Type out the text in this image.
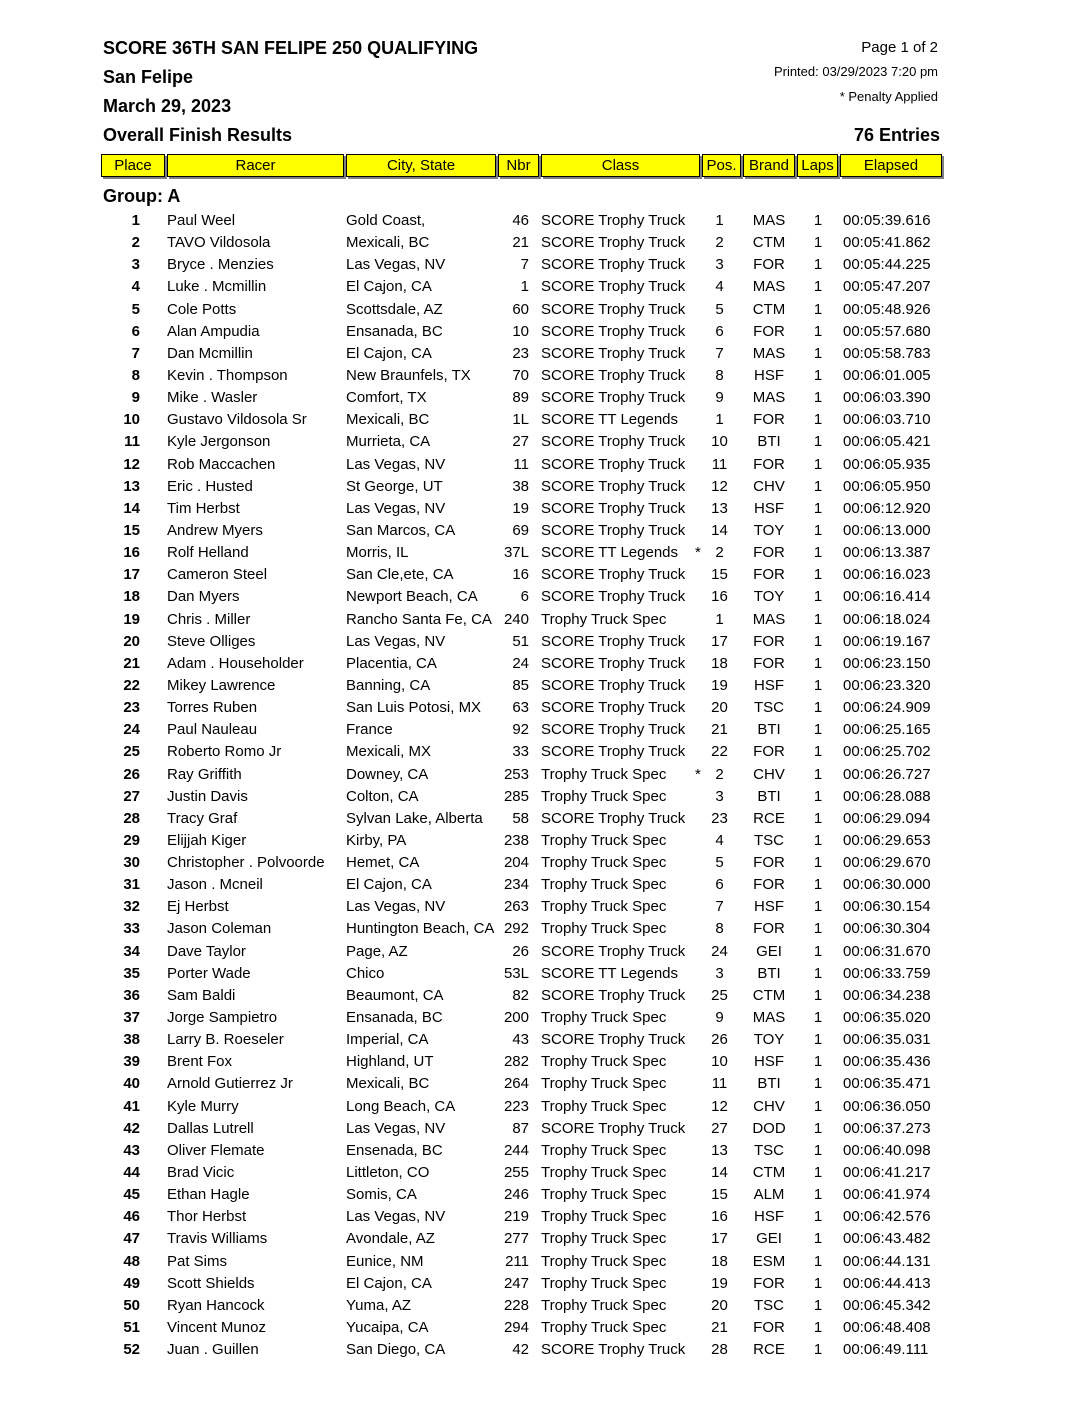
SCORE 36TH SAN FELIPE 250 QUALIFYING
San Felipe
March 29, 2023
Overall Finish Results
Page 1 of 2
Printed: 03/29/2023 7:20 pm
* Penalty Applied
76 Entries
Place	Racer	City, State	Nbr	Class	Pos. Brand Laps	Elapsed
Group: A
1 Paul Weel	Gold Coast,	46 SCORE Trophy Truck	1	MAS	1	00:05:39.616
2 TAVO Vildosola	Mexicali, BC	21 SCORE Trophy Truck	2	CTM	1	00:05:41.862
3 Bryce . Menzies	Las Vegas, NV	7 SCORE Trophy Truck	3	FOR	1	00:05:44.225
4 Luke . Mcmillin	El Cajon, CA	1 SCORE Trophy Truck	4	MAS	1	00:05:47.207
5 Cole Potts	Scottsdale, AZ	60 SCORE Trophy Truck	5	CTM	1	00:05:48.926
6 Alan Ampudia	Ensanada, BC	10 SCORE Trophy Truck	6	FOR	1	00:05:57.680
7 Dan Mcmillin	El Cajon, CA	23 SCORE Trophy Truck	7	MAS	1	00:05:58.783
8 Kevin . Thompson	New Braunfels, TX	70 SCORE Trophy Truck	8	HSF	1	00:06:01.005
9 Mike . Wasler	Comfort, TX	89 SCORE Trophy Truck	9	MAS	1	00:06:03.390
10 Gustavo Vildosola Sr	Mexicali, BC	1L SCORE TT Legends	1	FOR	1	00:06:03.710
11 Kyle Jergonson	Murrieta, CA	27 SCORE Trophy Truck	10	BTI	1	00:06:05.421
12 Rob Maccachen	Las Vegas, NV	11 SCORE Trophy Truck	11	FOR	1	00:06:05.935
13 Eric . Husted	St George, UT	38 SCORE Trophy Truck	12	CHV	1	00:06:05.950
14 Tim Herbst	Las Vegas, NV	19 SCORE Trophy Truck	13	HSF	1	00:06:12.920
15 Andrew Myers	San Marcos, CA	69 SCORE Trophy Truck	14	TOY	1	00:06:13.000
16 Rolf Helland	Morris, IL	37L SCORE TT Legends	* 2	FOR	1	00:06:13.387
17 Cameron Steel	San Cle,ete, CA	16 SCORE Trophy Truck	15	FOR	1	00:06:16.023
18 Dan Myers	Newport Beach, CA	6 SCORE Trophy Truck	16	TOY	1	00:06:16.414
19 Chris . Miller	Rancho Santa Fe, CA 240 Trophy Truck Spec	1	MAS	1	00:06:18.024
20 Steve Olliges	Las Vegas, NV	51 SCORE Trophy Truck	17	FOR	1	00:06:19.167
21 Adam . Householder	Placentia, CA	24 SCORE Trophy Truck	18	FOR	1	00:06:23.150
22 Mikey Lawrence	Banning, CA	85 SCORE Trophy Truck	19	HSF	1	00:06:23.320
23 Torres Ruben	San Luis Potosi, MX	63 SCORE Trophy Truck	20	TSC	1	00:06:24.909
24 Paul Nauleau	France	92 SCORE Trophy Truck	21	BTI	1	00:06:25.165
25 Roberto Romo Jr	Mexicali, MX	33 SCORE Trophy Truck	22	FOR	1	00:06:25.702
26 Ray Griffith	Downey, CA	253 Trophy Truck Spec	* 2	CHV	1	00:06:26.727
27 Justin Davis	Colton, CA	285 Trophy Truck Spec	3	BTI	1	00:06:28.088
28 Tracy Graf	Sylvan Lake, Alberta	58 SCORE Trophy Truck	23	RCE	1	00:06:29.094
29 Elijjah Kiger	Kirby, PA	238 Trophy Truck Spec	4	TSC	1	00:06:29.653
30 Christopher . Polvoorde	Hemet, CA	204 Trophy Truck Spec	5	FOR	1	00:06:29.670
31 Jason . Mcneil	El Cajon, CA	234 Trophy Truck Spec	6	FOR	1	00:06:30.000
32 Ej Herbst	Las Vegas, NV	263 Trophy Truck Spec	7	HSF	1	00:06:30.154
33 Jason Coleman	Huntington Beach, CA 292 Trophy Truck Spec	8	FOR	1	00:06:30.304
34 Dave Taylor	Page, AZ	26 SCORE Trophy Truck	24	GEI	1	00:06:31.670
35 Porter Wade	Chico	53L SCORE TT Legends	3	BTI	1	00:06:33.759
36 Sam Baldi	Beaumont, CA	82 SCORE Trophy Truck	25	CTM	1	00:06:34.238
37 Jorge Sampietro	Ensanada, BC	200 Trophy Truck Spec	9	MAS	1	00:06:35.020
38 Larry B. Roeseler	Imperial, CA	43 SCORE Trophy Truck	26	TOY	1	00:06:35.031
39 Brent Fox	Highland, UT	282 Trophy Truck Spec	10	HSF	1	00:06:35.436
40 Arnold Gutierrez Jr	Mexicali, BC	264 Trophy Truck Spec	11	BTI	1	00:06:35.471
41 Kyle Murry	Long Beach, CA	223 Trophy Truck Spec	12	CHV	1	00:06:36.050
42 Dallas Lutrell	Las Vegas, NV	87 SCORE Trophy Truck	27	DOD	1	00:06:37.273
43 Oliver Flemate	Ensenada, BC	244 Trophy Truck Spec	13	TSC	1	00:06:40.098
44 Brad Vicic	Littleton, CO	255 Trophy Truck Spec	14	CTM	1	00:06:41.217
45 Ethan Hagle	Somis, CA	246 Trophy Truck Spec	15	ALM	1	00:06:41.974
46 Thor Herbst	Las Vegas, NV	219 Trophy Truck Spec	16	HSF	1	00:06:42.576
47 Travis Williams	Avondale, AZ	277 Trophy Truck Spec	17	GEI	1	00:06:43.482
48 Pat Sims	Eunice, NM	211 Trophy Truck Spec	18	ESM	1	00:06:44.131
49 Scott Shields	El Cajon, CA	247 Trophy Truck Spec	19	FOR	1	00:06:44.413
50 Ryan Hancock	Yuma, AZ	228 Trophy Truck Spec	20	TSC	1	00:06:45.342
51 Vincent Munoz	Yucaipa, CA	294 Trophy Truck Spec	21	FOR	1	00:06:48.408
52 Juan . Guillen	San Diego, CA	42 SCORE Trophy Truck	28	RCE	1	00:06:49.111
